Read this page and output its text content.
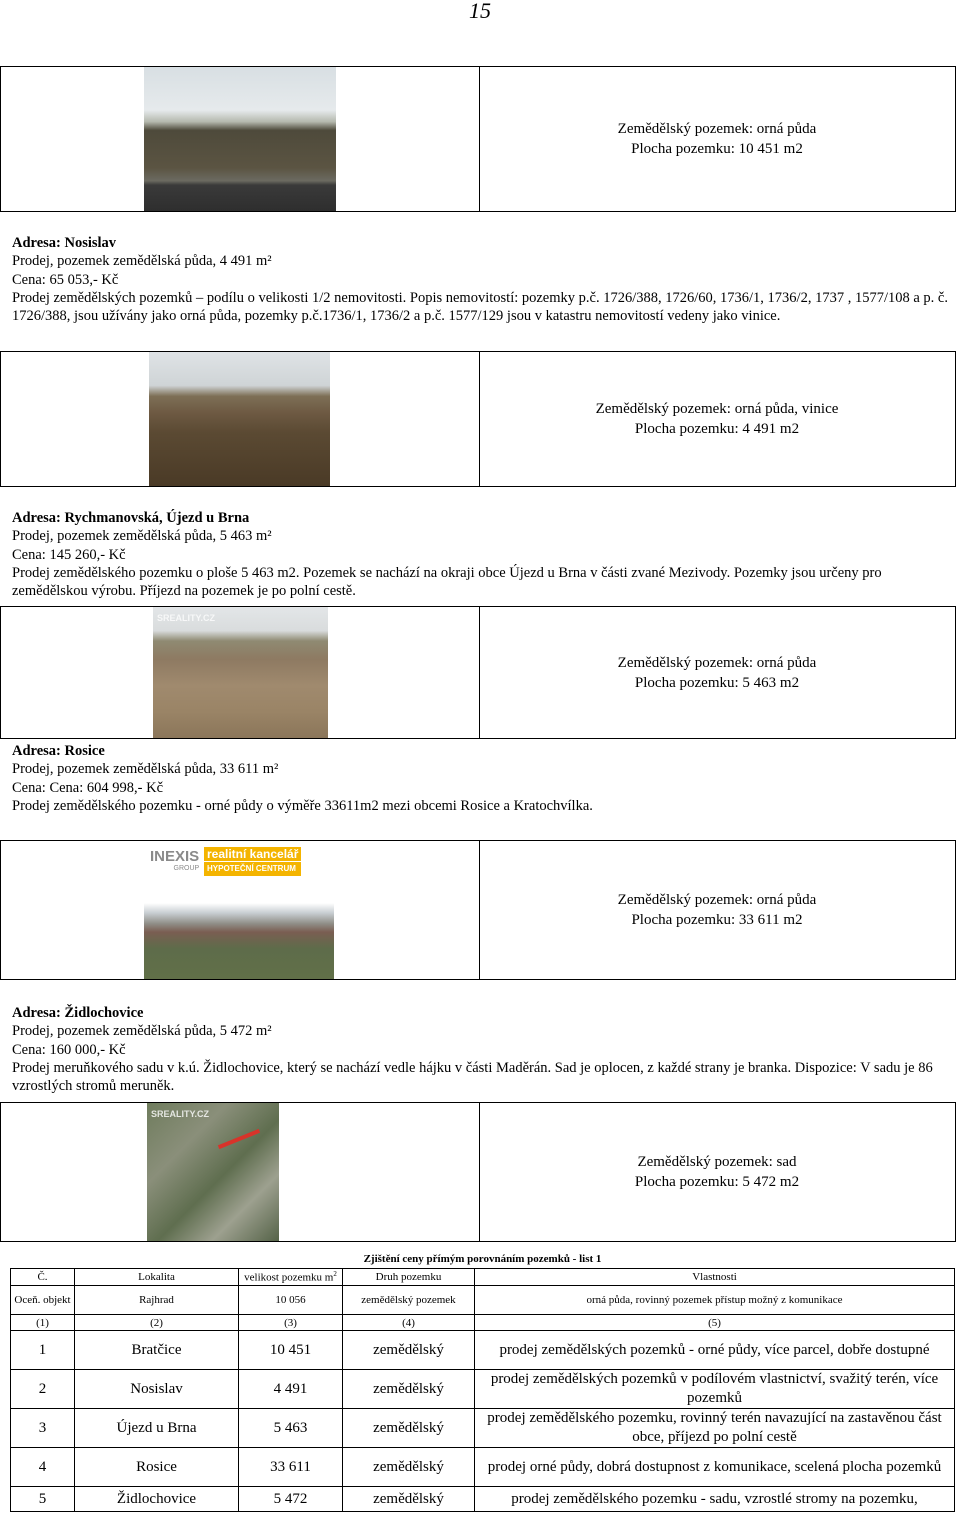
15
Zemědělský pozemek: orná půda
Plocha pozemku: 10 451 m2
Adresa: Nosislav
Prodej, pozemek zemědělská půda, 4 491 m²
Cena: 65 053,- Kč
Prodej zemědělských pozemků – podílu o velikosti 1/2 nemovitosti. Popis nemovitostí: pozemky p.č. 1726/388, 1726/60, 1736/1, 1736/2, 1737 , 1577/108 a p. č. 1726/388, jsou užívány jako orná půda, pozemky p.č.1736/1, 1736/2 a p.č. 1577/129 jsou v katastru nemovitostí vedeny jako vinice.
Zemědělský pozemek: orná půda, vinice
Plocha pozemku: 4 491 m2
Adresa: Rychmanovská, Újezd u Brna
Prodej, pozemek zemědělská půda, 5 463 m²
Cena: 145 260,- Kč
Prodej zemědělského pozemku o ploše 5 463 m2. Pozemek se nachází na okraji obce Újezd u Brna v části zvané Mezivody. Pozemky jsou určeny pro zemědělskou výrobu. Příjezd na pozemek je po polní cestě.
SREALITY.CZ
Zemědělský pozemek: orná půda
Plocha pozemku: 5 463 m2
Adresa: Rosice
Prodej, pozemek zemědělská půda, 33 611 m²
Cena: Cena: 604 998,- Kč
Prodej zemědělského pozemku - orné půdy o výměře 33611m2 mezi obcemi Rosice a Kratochvílka.
INEXIS
GROUP
realitní kancelář
HYPOTEČNÍ CENTRUM
Zemědělský pozemek: orná půda
Plocha pozemku: 33 611 m2
Adresa: Židlochovice
Prodej, pozemek zemědělská půda, 5 472 m²
Cena: 160 000,- Kč
Prodej meruňkového sadu v k.ú. Židlochovice, který se nachází vedle hájku v části Maděrán. Sad je oplocen, z každé strany je branka. Dispozice: V sadu je 86 vzrostlých stromů meruněk.
SREALITY.CZ
Zemědělský pozemek: sad
Plocha pozemku: 5 472 m2
Zjištění ceny přímým porovnáním pozemků - list 1				
Č.	Lokalita	velikost pozemku $m^2$	Druh pozemku	Vlastnosti
Oceň. objekt	Rajhrad	10 056	zemědělský pozemek	orná půda, rovinný pozemek přístup možný z komunikace
(1)	(2)	(3)	(4)	(5)
1	Bratčice	10 451	zemědělský	prodej zemědělských pozemků - orné půdy, více parcel, dobře dostupné
2	Nosislav	4 491	zemědělský	prodej zemědělských pozemků v podílovém vlastnictví, svažitý terén, více pozemků
3	Újezd u Brna	5 463	zemědělský	prodej zemědělského pozemku, rovinný terén navazující na zastavěnou část obce, příjezd po polní cestě
4	Rosice	33 611	zemědělský	prodej orné půdy, dobrá dostupnost z komunikace, scelená plocha pozemků
5	Židlochovice	5 472	zemědělský	prodej zemědělského pozemku - sadu, vzrostlé stromy na pozemku,
